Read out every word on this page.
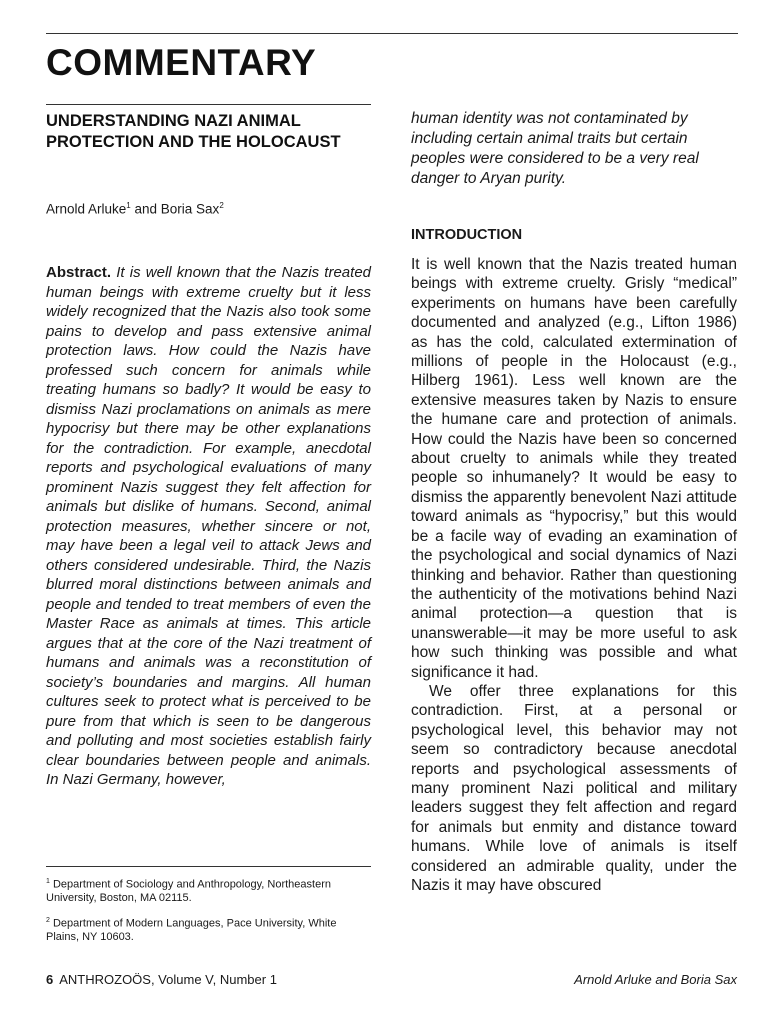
COMMENTARY
UNDERSTANDING NAZI ANIMAL PROTECTION AND THE HOLOCAUST
Arnold Arluke$^1$ and Boria Sax$^2$
Abstract. It is well known that the Nazis treated human beings with extreme cruelty but it less widely recognized that the Nazis also took some pains to develop and pass extensive animal protection laws. How could the Nazis have professed such concern for animals while treating humans so badly? It would be easy to dismiss Nazi proclamations on animals as mere hypocrisy but there may be other explanations for the contradiction. For example, anecdotal reports and psychological evaluations of many prominent Nazis suggest they felt affection for animals but dislike of humans. Second, animal protection measures, whether sincere or not, may have been a legal veil to attack Jews and others considered undesirable. Third, the Nazis blurred moral distinctions between animals and people and tended to treat members of even the Master Race as animals at times. This article argues that at the core of the Nazi treatment of humans and animals was a reconstitution of society’s boundaries and margins. All human cultures seek to protect what is perceived to be pure from that which is seen to be dangerous and polluting and most societies establish fairly clear boundaries between people and animals. In Nazi Germany, however,

$^1$ Department of Sociology and Anthropology, Northeastern University, Boston, MA 02115.

$^2$ Department of Modern Languages, Pace University, White Plains, NY 10603.

human identity was not contaminated by including certain animal traits but certain peoples were considered to be a very real danger to Aryan purity.
INTRODUCTION

It is well known that the Nazis treated human beings with extreme cruelty. Grisly “medical” experiments on humans have been carefully documented and analyzed (e.g., Lifton 1986) as has the cold, calculated extermination of millions of people in the Holocaust (e.g., Hilberg 1961). Less well known are the extensive measures taken by Nazis to ensure the humane care and protection of animals. How could the Nazis have been so concerned about cruelty to animals while they treated people so inhumanely? It would be easy to dismiss the apparently benevolent Nazi attitude toward animals as “hypocrisy,” but this would be a facile way of evading an examination of the psychological and social dynamics of Nazi thinking and behavior. Rather than questioning the authenticity of the motivations behind Nazi animal protection—a question that is unanswerable—it may be more useful to ask how such thinking was possible and what significance it had.

We offer three explanations for this contradiction. First, at a personal or psychological level, this behavior may not seem so contradictory because anecdotal reports and psychological assessments of many prominent Nazi political and military leaders suggest they felt affection and regard for animals but enmity and distance toward humans. While love of animals is itself considered an admirable quality, under the Nazis it may have obscured

6 ANTHROZOÖS, Volume V, Number 1	Arnold Arluke and Boria Sax
